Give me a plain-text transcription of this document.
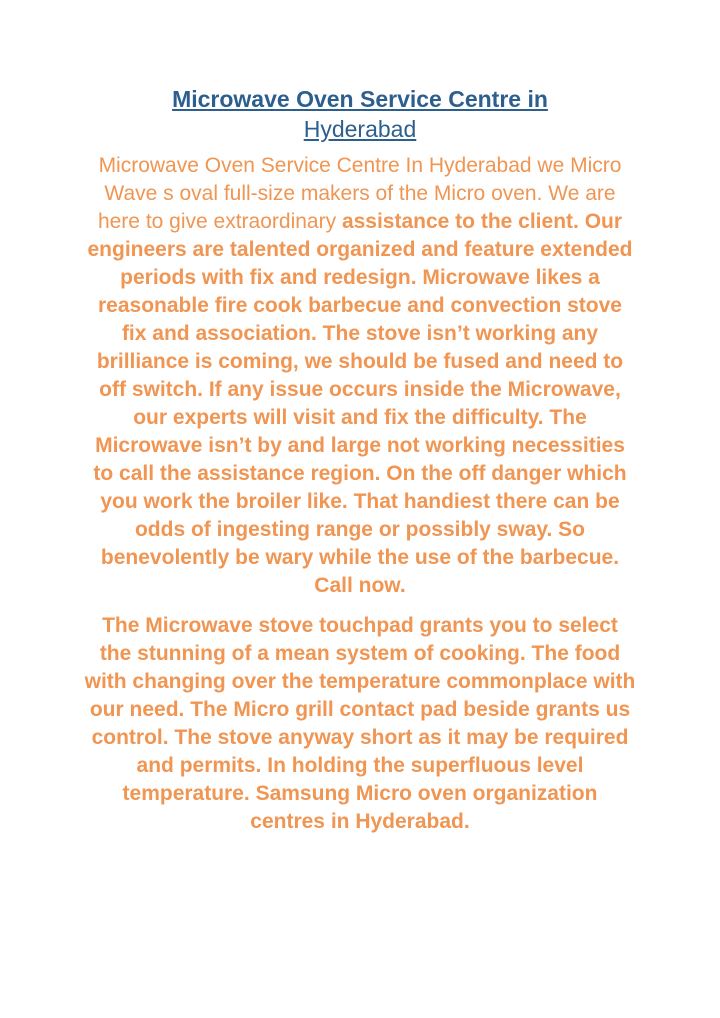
Microwave Oven Service Centre in
Hyderabad

Microwave Oven Service Centre In Hyderabad we Micro Wave s oval full-size makers of the Micro oven. We are here to give extraordinary assistance to the client. Our engineers are talented organized and feature extended periods with fix and redesign. Microwave likes a reasonable fire cook barbecue and convection stove fix and association. The stove isn’t working any brilliance is coming, we should be fused and need to off switch. If any issue occurs inside the Microwave, our experts will visit and fix the difficulty. The Microwave isn’t by and large not working necessities to call the assistance region. On the off danger which you work the broiler like. That handiest there can be odds of ingesting range or possibly sway. So benevolently be wary while the use of the barbecue. Call now.

The Microwave stove touchpad grants you to select the stunning of a mean system of cooking. The food with changing over the temperature commonplace with our need. The Micro grill contact pad beside grants us control. The stove anyway short as it may be required and permits. In holding the superfluous level temperature. Samsung Micro oven organization centres in Hyderabad.
